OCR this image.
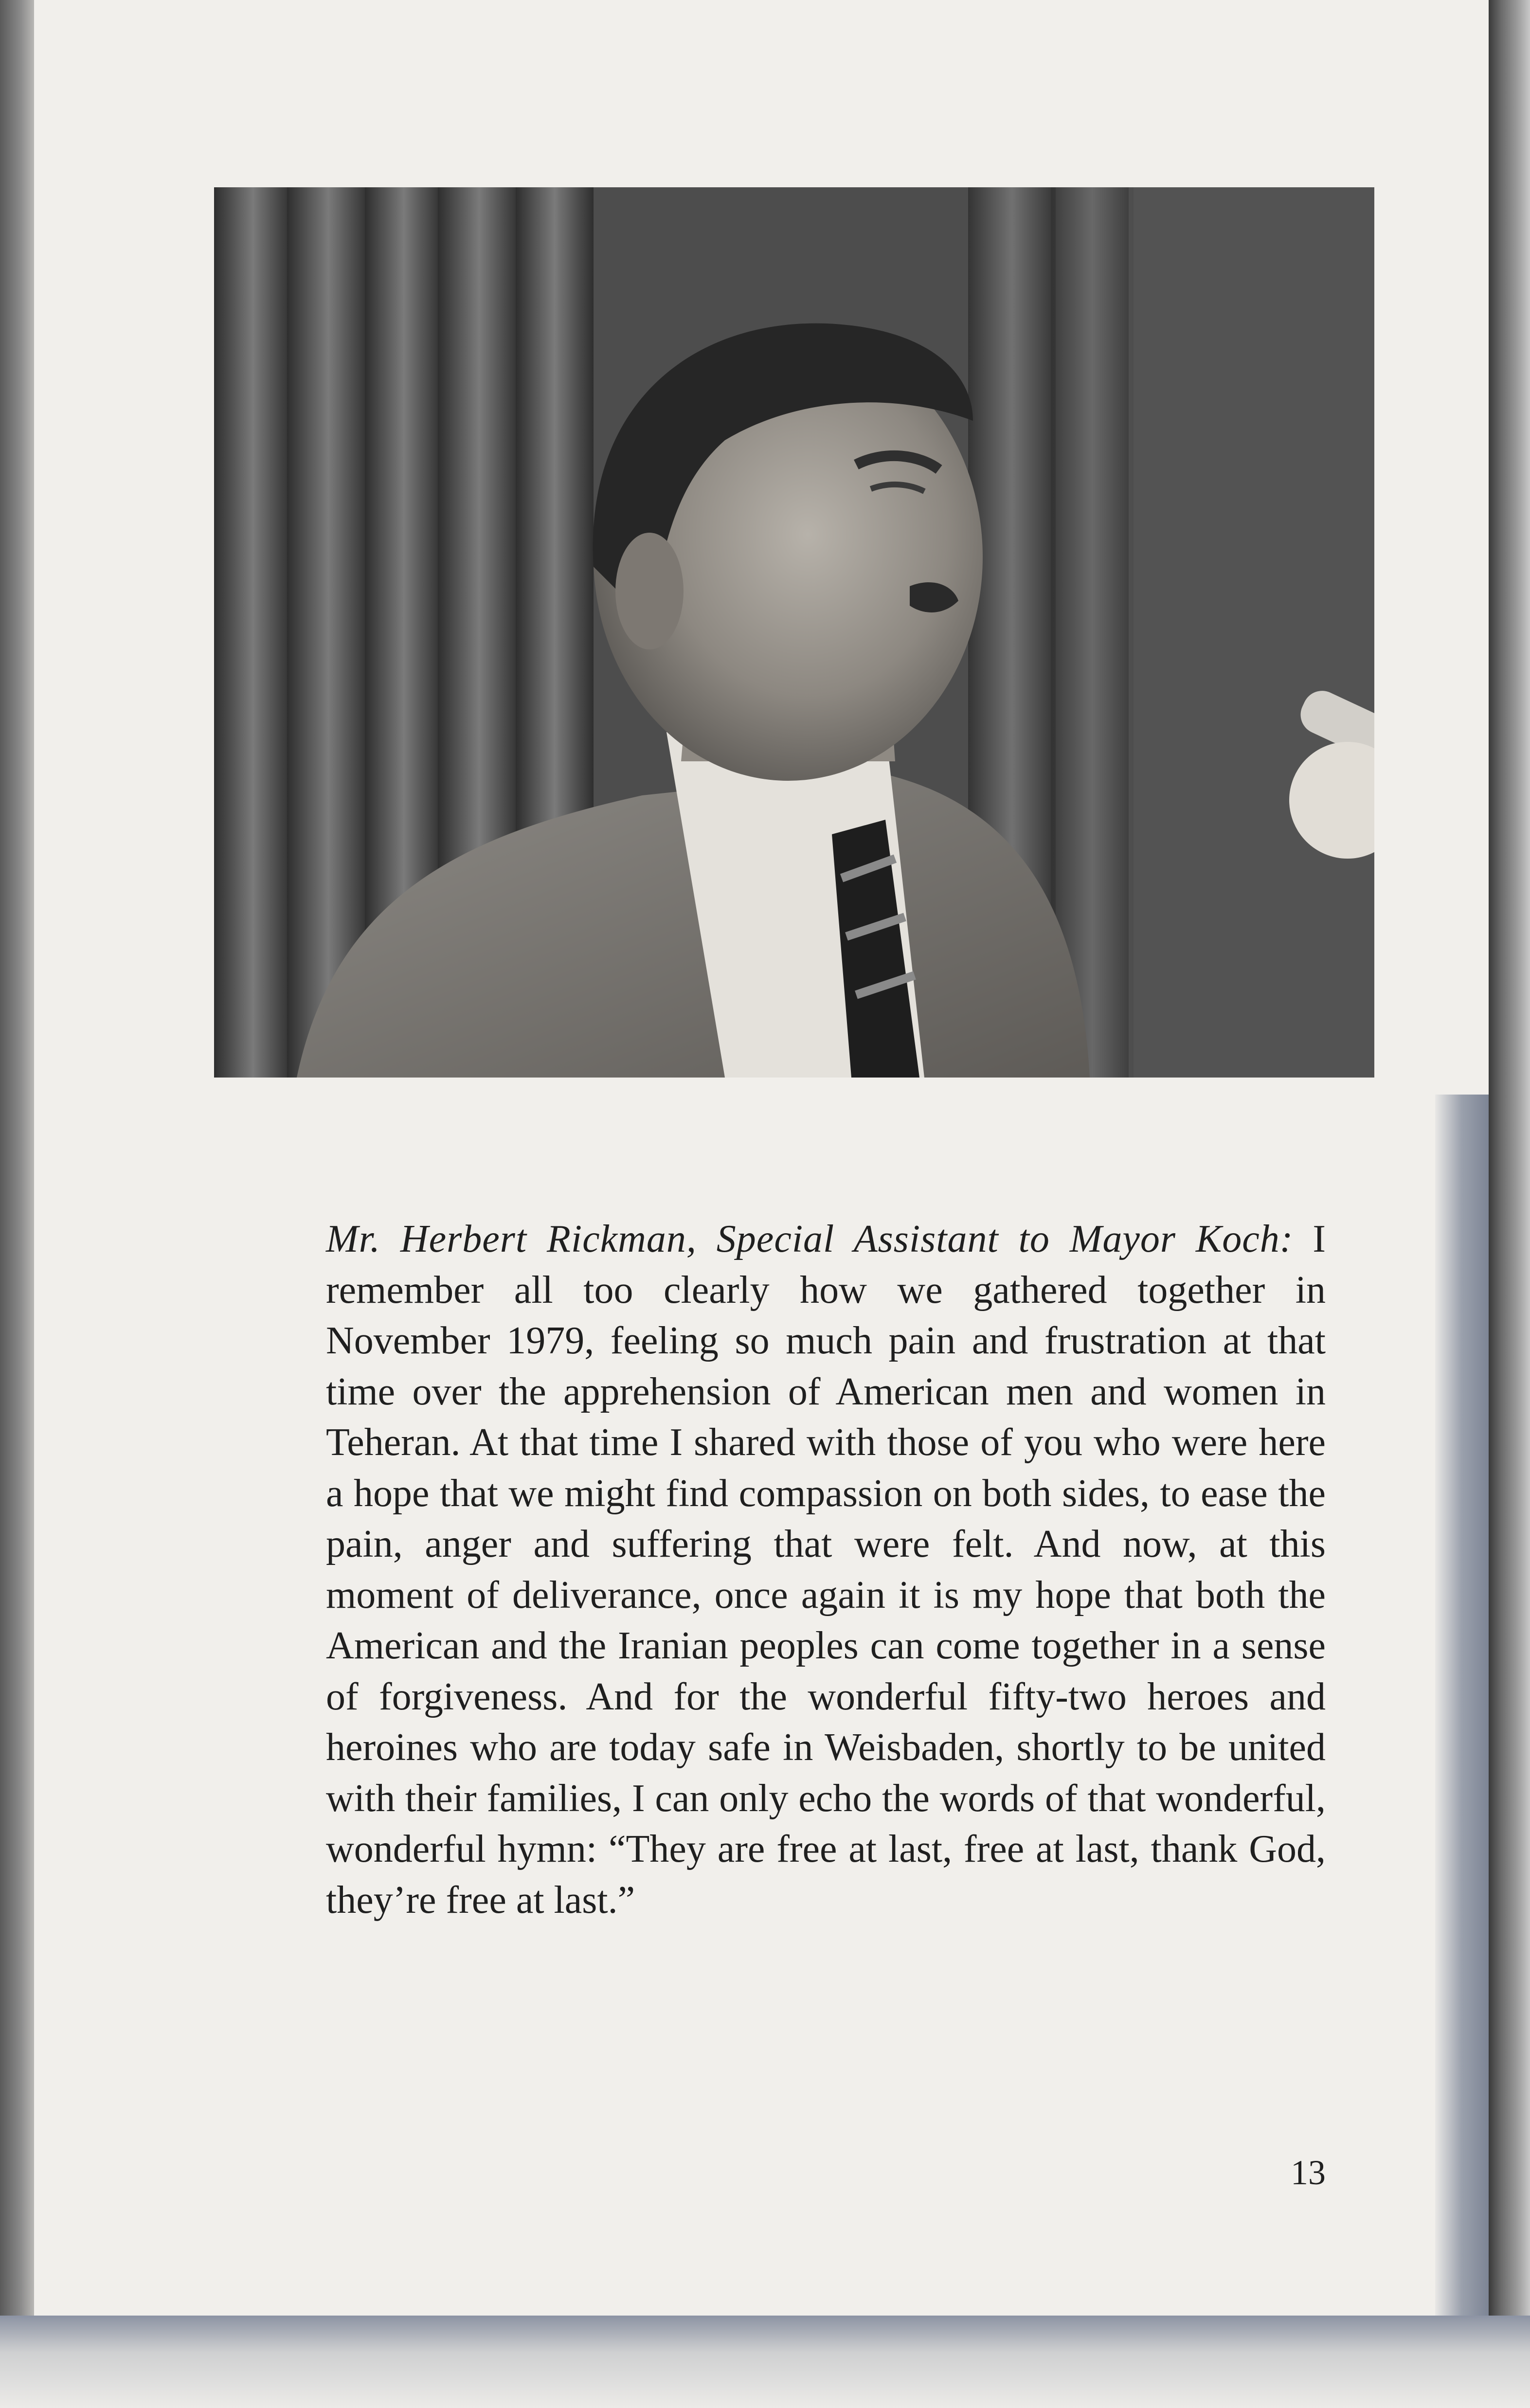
Mr. Herbert Rickman, Special Assistant to Mayor Koch: I remember all too clearly how we gathered together in November 1979, feeling so much pain and frustration at that time over the apprehension of American men and women in Teheran. At that time I shared with those of you who were here a hope that we might find compassion on both sides, to ease the pain, anger and suffering that were felt. And now, at this moment of deliverance, once again it is my hope that both the American and the Iranian peoples can come together in a sense of forgiveness. And for the wonderful fifty-two heroes and heroines who are today safe in Weisbaden, shortly to be united with their families, I can only echo the words of that wonderful, wonderful hymn: “They are free at last, free at last, thank God, they’re free at last.”
13
